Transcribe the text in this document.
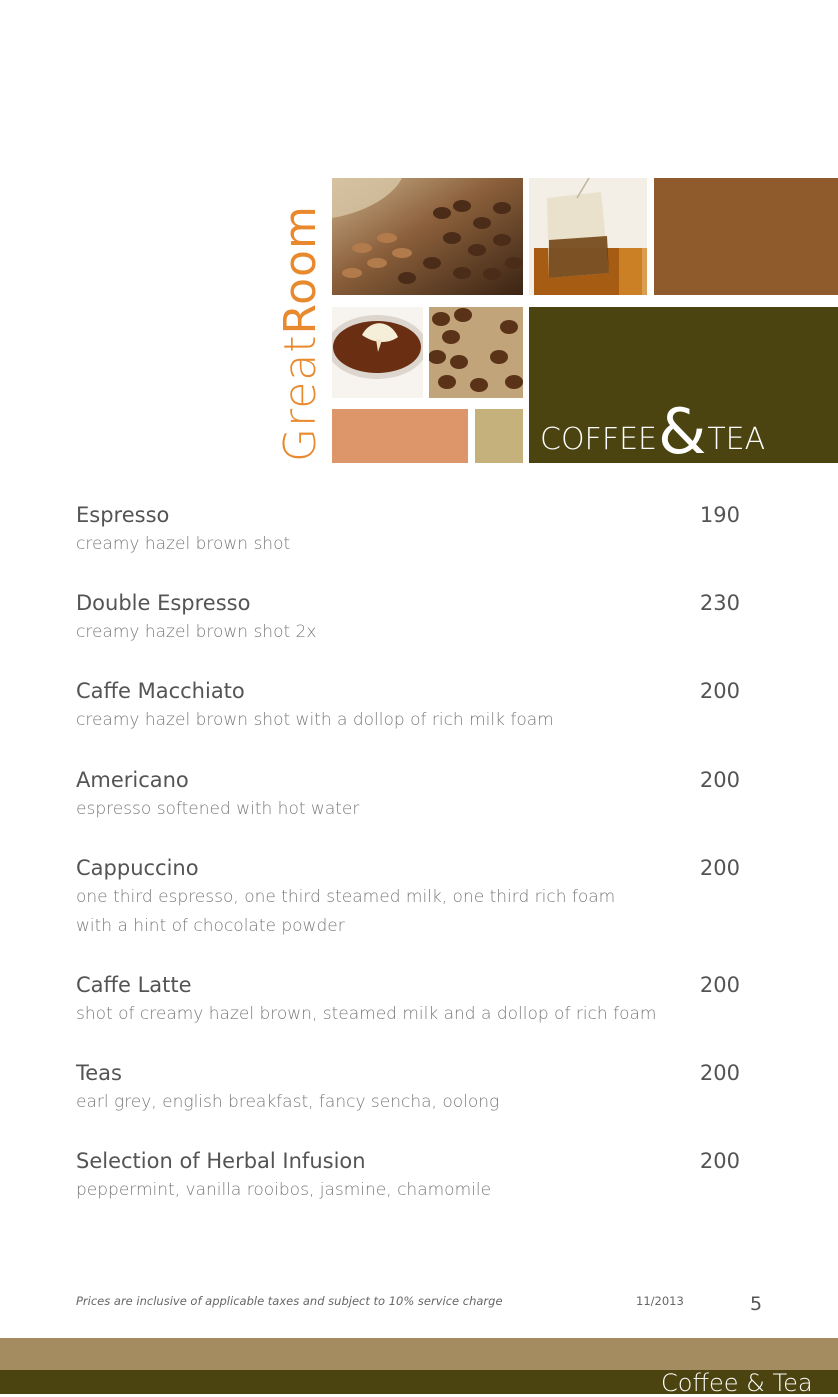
GreatRoom
COFFEE&TEA
Espresso	190
creamy hazel brown shot
Double Espresso	230
creamy hazel brown shot 2x
Caffe Macchiato	200
creamy hazel brown shot with a dollop of rich milk foam
Americano	200
espresso softened with hot water
Cappuccino	200
one third espresso, one third steamed milk, one third rich foam
with a hint of chocolate powder
Caffe Latte	200
shot of creamy hazel brown, steamed milk and a dollop of rich foam
Teas	200
earl grey, english breakfast, fancy sencha, oolong
Selection of Herbal Infusion	200
peppermint, vanilla rooibos, jasmine, chamomile
Prices are inclusive of applicable taxes and subject to 10% service charge	11/2013	5
Coffee & Tea
